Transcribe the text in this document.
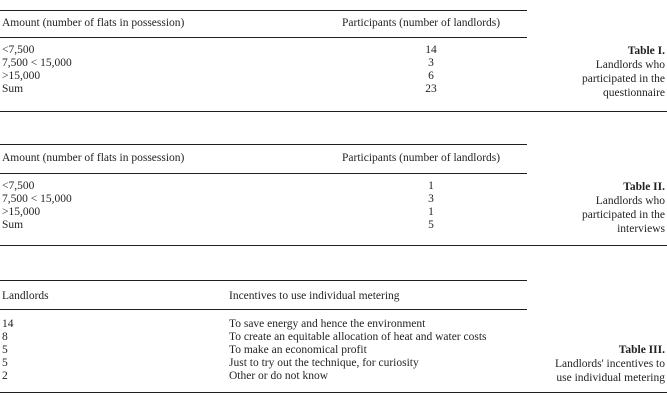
Amount (number of flats in possession)	Participants (number of landlords)
<7,500	14
7,500 < 15,000	3
>15,000	6
Sum	23
Table I.
Landlords who
participated in the
questionnaire
Amount (number of flats in possession)	Participants (number of landlords)
<7,500	1
7,500 < 15,000	3
>15,000	1
Sum	5
Table II.
Landlords who
participated in the
interviews
Landlords	Incentives to use individual metering
14	To save energy and hence the environment
8	To create an equitable allocation of heat and water costs
5	To make an economical profit
5	Just to try out the technique, for curiosity
2	Other or do not know
Table III.
Landlords' incentives to
use individual metering
